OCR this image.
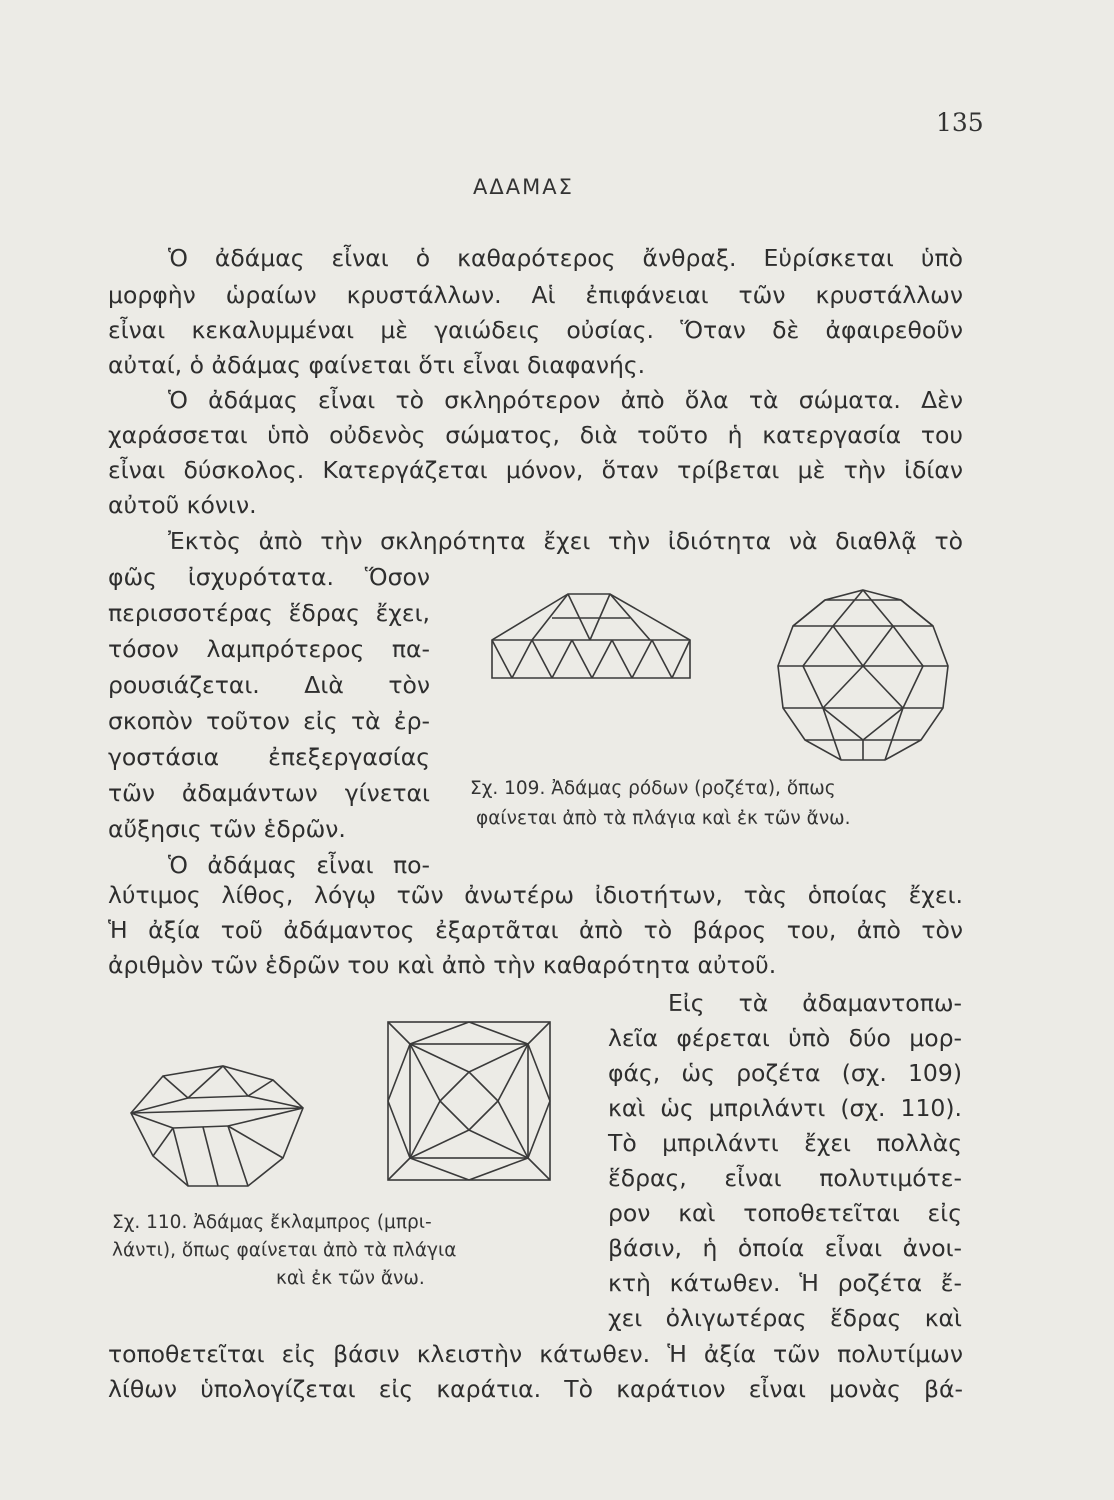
135
ΑΔΑΜΑΣ
Ὁ ἀδάμας εἶναι ὁ καθαρότερος ἄνθραξ. Εὑρίσκεται ὑπὸ
μορφὴν ὡραίων κρυστάλλων. Αἱ ἐπιφάνειαι τῶν κρυστάλλων
εἶναι κεκαλυμμέναι μὲ γαιώδεις οὐσίας. Ὅταν δὲ ἀφαιρεθοῦν
αὐταί, ὁ ἀδάμας φαίνεται ὅτι εἶναι διαφανής.
Ὁ ἀδάμας εἶναι τὸ σκληρότερον ἀπὸ ὅλα τὰ σώματα. Δὲν
χαράσσεται ὑπὸ οὐδενὸς σώματος, διὰ τοῦτο ἡ κατεργασία του
εἶναι δύσκολος. Κατεργάζεται μόνον, ὅταν τρίβεται μὲ τὴν ἰδίαν
αὐτοῦ κόνιν.
Ἐκτὸς ἀπὸ τὴν σκληρότητα ἔχει τὴν ἰδιότητα νὰ διαθλᾷ τὸ
φῶς ἰσχυρότατα. Ὅσον
περισσοτέρας ἕδρας ἔχει,
τόσον λαμπρότερος πα-
ρουσιάζεται. Διὰ τὸν
σκοπὸν τοῦτον εἰς τὰ ἐρ-
γοστάσια ἐπεξεργασίας
τῶν ἀδαμάντων γίνεται
αὔξησις τῶν ἑδρῶν.
Σχ. 109. Ἀδάμας ρόδων (ροζέτα), ὅπως
φαίνεται ἀπὸ τὰ πλάγια καὶ ἐκ τῶν ἄνω.
Ὁ ἀδάμας εἶναι πο-
λύτιμος λίθος, λόγῳ τῶν ἀνωτέρω ἰδιοτήτων, τὰς ὁποίας ἔχει.
Ἡ ἀξία τοῦ ἀδάμαντος ἐξαρτᾶται ἀπὸ τὸ βάρος του, ἀπὸ τὸν
ἀριθμὸν τῶν ἑδρῶν του καὶ ἀπὸ τὴν καθαρότητα αὐτοῦ.
Σχ. 110. Ἀδάμας ἔκλαμπρος (μπρι-
λάντι), ὅπως φαίνεται ἀπὸ τὰ πλάγια
καὶ ἐκ τῶν ἄνω.
Εἰς τὰ ἀδαμαντοπω-
λεῖα φέρεται ὑπὸ δύο μορ-
φάς, ὡς ροζέτα (σχ. 109)
καὶ ὡς μπριλάντι (σχ. 110).
Τὸ μπριλάντι ἔχει πολλὰς
ἕδρας, εἶναι πολυτιμότε-
ρον καὶ τοποθετεῖται εἰς
βάσιν, ἡ ὁποία εἶναι ἀνοι-
κτὴ κάτωθεν. Ἡ ροζέτα ἔ-
χει ὀλιγωτέρας ἕδρας καὶ
τοποθετεῖται εἰς βάσιν κλειστὴν κάτωθεν. Ἡ ἀξία τῶν πολυτίμων
λίθων ὑπολογίζεται εἰς καράτια. Τὸ καράτιον εἶναι μονὰς βά-
